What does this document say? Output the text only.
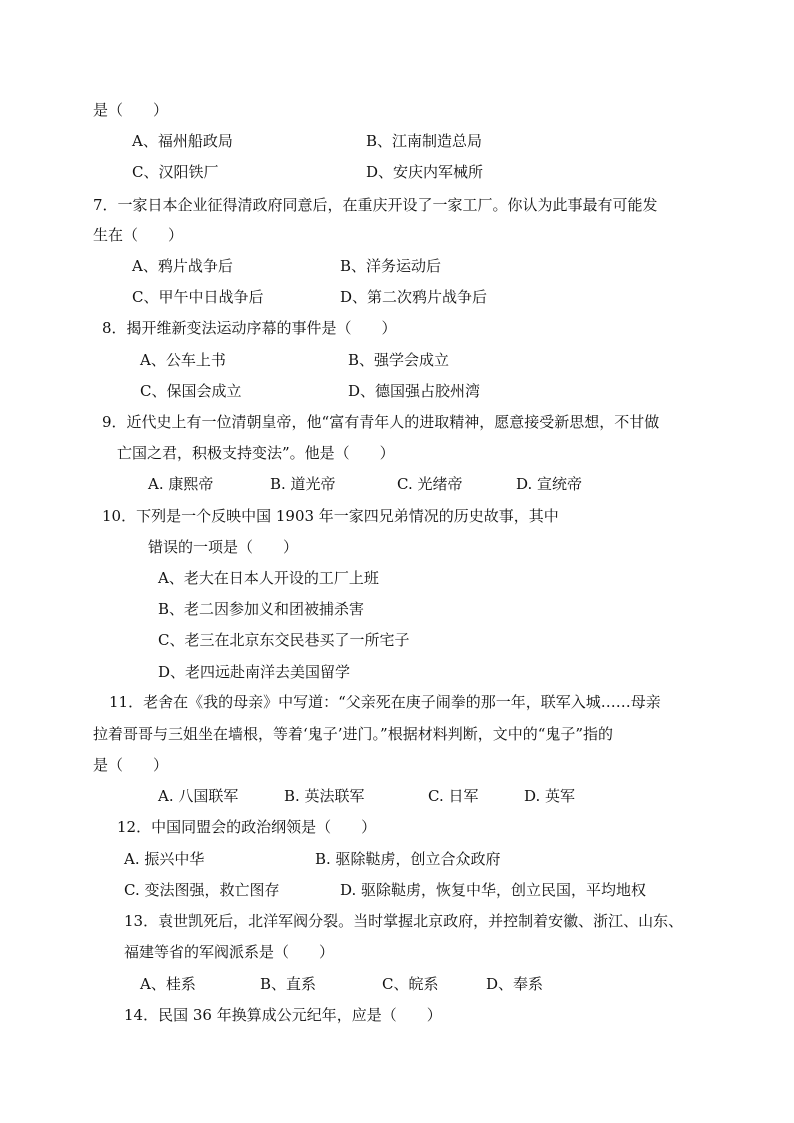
是（　　）
A、福州船政局	B、江南制造总局
C、汉阳铁厂	D、安庆内军械所
7．一家日本企业征得清政府同意后，在重庆开设了一家工厂。你认为此事最有可能发
生在（　　）
A、鸦片战争后	B、洋务运动后
C、甲午中日战争后	D、第二次鸦片战争后
8．揭开维新变法运动序幕的事件是（　　）
A、公车上书	B、强学会成立
C、保国会成立	D、德国强占胶州湾
9．近代史上有一位清朝皇帝，他“富有青年人的进取精神，愿意接受新思想，不甘做
亡国之君，积极支持变法”。他是（　　）
A. 康熙帝	B. 道光帝	C. 光绪帝	D. 宣统帝
10．下列是一个反映中国 1903 年一家四兄弟情况的历史故事，其中
错误的一项是（　　）
A、老大在日本人开设的工厂上班
B、老二因参加义和团被捕杀害
C、老三在北京东交民巷买了一所宅子
D、老四远赴南洋去美国留学
11．老舍在《我的母亲》中写道：“父亲死在庚子闹拳的那一年，联军入城……母亲
拉着哥哥与三姐坐在墙根，等着‘鬼子’进门。”根据材料判断，文中的“鬼子”指的
是（　　）
A. 八国联军	B. 英法联军	C. 日军	D. 英军
12．中国同盟会的政治纲领是（　　）
A. 振兴中华	B. 驱除鞑虏，创立合众政府
C. 变法图强，救亡图存	D. 驱除鞑虏，恢复中华，创立民国，平均地权
13．袁世凯死后，北洋军阀分裂。当时掌握北京政府，并控制着安徽、浙江、山东、
福建等省的军阀派系是（　　）
A、桂系	B、直系	C、皖系	D、奉系
14．民国 36 年换算成公元纪年，应是（　　）
